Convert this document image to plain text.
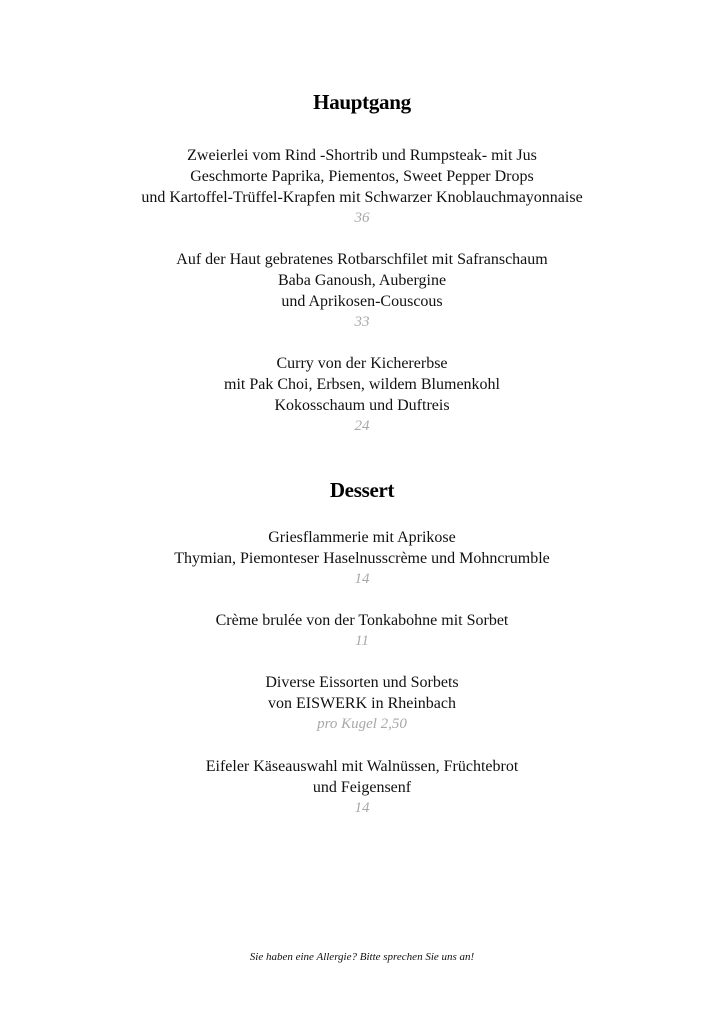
Hauptgang
Zweierlei vom Rind -Shortrib und Rumpsteak- mit Jus
Geschmorte Paprika, Piementos, Sweet Pepper Drops
und Kartoffel-Trüffel-Krapfen mit Schwarzer Knoblauchmayonnaise
36
Auf der Haut gebratenes Rotbarschfilet mit Safranschaum
Baba Ganoush, Aubergine
und Aprikosen-Couscous
33
Curry von der Kichererbse
mit Pak Choi, Erbsen, wildem Blumenkohl
Kokosschaum und Duftreis
24
Dessert
Griesflammerie mit Aprikose
Thymian, Piemonteser Haselnusscrème und Mohncrumble
14
Crème brulée von der Tonkabohne mit Sorbet
11
Diverse Eissorten und Sorbets
von EISWERK in Rheinbach
pro Kugel 2,50
Eifeler Käseauswahl mit Walnüssen, Früchtebrot
und Feigensenf
14
Sie haben eine Allergie? Bitte sprechen Sie uns an!
